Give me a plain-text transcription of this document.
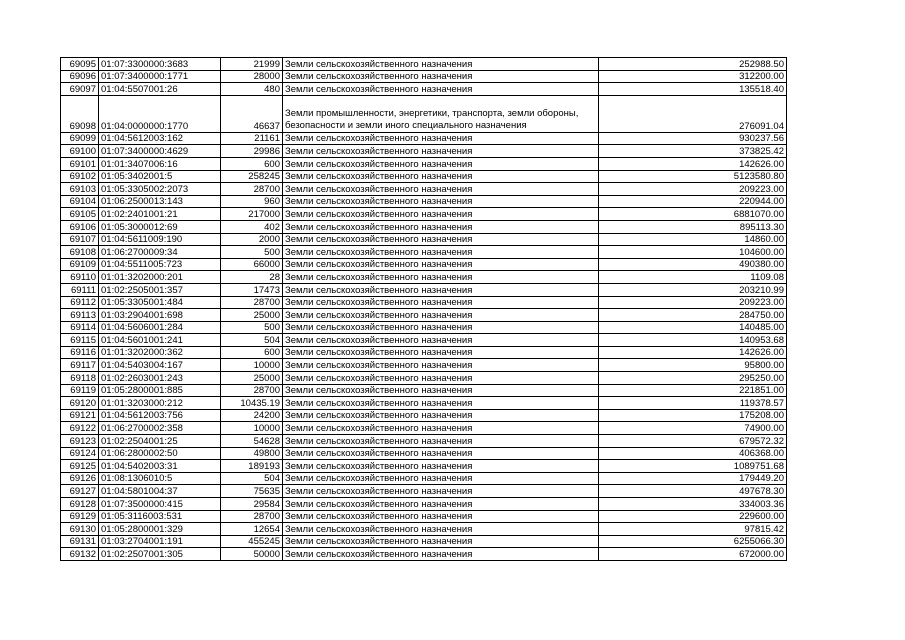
69095	01:07:3300000:3683	21999	Земли сельскохозяйственного назначения	252988.50
69096	01:07:3400000:1771	28000	Земли сельскохозяйственного назначения	312200.00
69097	01:04:5507001:26	480	Земли сельскохозяйственного назначения	135518.40
69098	01:04:0000000:1770	46637	Земли промышленности, энергетики, транспорта, земли обороны, безопасности и земли иного специального назначения	276091.04
69099	01:04:5612003:162	21161	Земли сельскохозяйственного назначения	930237.56
69100	01:07:3400000:4629	29986	Земли сельскохозяйственного назначения	373825.42
69101	01:01:3407006:16	600	Земли сельскохозяйственного назначения	142626.00
69102	01:05:3402001:5	258245	Земли сельскохозяйственного назначения	5123580.80
69103	01:05:3305002:2073	28700	Земли сельскохозяйственного назначения	209223.00
69104	01:06:2500013:143	960	Земли сельскохозяйственного назначения	220944.00
69105	01:02:2401001:21	217000	Земли сельскохозяйственного назначения	6881070.00
69106	01:05:3000012:69	402	Земли сельскохозяйственного назначения	895113.30
69107	01:04:5611009:190	2000	Земли сельскохозяйственного назначения	14860.00
69108	01:06:2700009:34	500	Земли сельскохозяйственного назначения	104600.00
69109	01:04:5511005:723	66000	Земли сельскохозяйственного назначения	490380.00
69110	01:01:3202000:201	28	Земли сельскохозяйственного назначения	1109.08
69111	01:02:2505001:357	17473	Земли сельскохозяйственного назначения	203210.99
69112	01:05:3305001:484	28700	Земли сельскохозяйственного назначения	209223.00
69113	01:03:2904001:698	25000	Земли сельскохозяйственного назначения	284750.00
69114	01:04:5606001:284	500	Земли сельскохозяйственного назначения	140485.00
69115	01:04:5601001:241	504	Земли сельскохозяйственного назначения	140953.68
69116	01:01:3202000:362	600	Земли сельскохозяйственного назначения	142626.00
69117	01:04:5403004:167	10000	Земли сельскохозяйственного назначения	95800.00
69118	01:02:2603001:243	25000	Земли сельскохозяйственного назначения	295250.00
69119	01:05:2800001:885	28700	Земли сельскохозяйственного назначения	221851.00
69120	01:01:3203000:212	10435.19	Земли сельскохозяйственного назначения	119378.57
69121	01:04:5612003:756	24200	Земли сельскохозяйственного назначения	175208.00
69122	01:06:2700002:358	10000	Земли сельскохозяйственного назначения	74900.00
69123	01:02:2504001:25	54628	Земли сельскохозяйственного назначения	679572.32
69124	01:06:2800002:50	49800	Земли сельскохозяйственного назначения	406368.00
69125	01:04:5402003:31	189193	Земли сельскохозяйственного назначения	1089751.68
69126	01:08:1306010:5	504	Земли сельскохозяйственного назначения	179449.20
69127	01:04:5801004:37	75635	Земли сельскохозяйственного назначения	497678.30
69128	01:07:3500000:415	29584	Земли сельскохозяйственного назначения	334003.36
69129	01:05:3116003:531	28700	Земли сельскохозяйственного назначения	229600.00
69130	01:05:2800001:329	12654	Земли сельскохозяйственного назначения	97815.42
69131	01:03:2704001:191	455245	Земли сельскохозяйственного назначения	6255066.30
69132	01:02:2507001:305	50000	Земли сельскохозяйственного назначения	672000.00
